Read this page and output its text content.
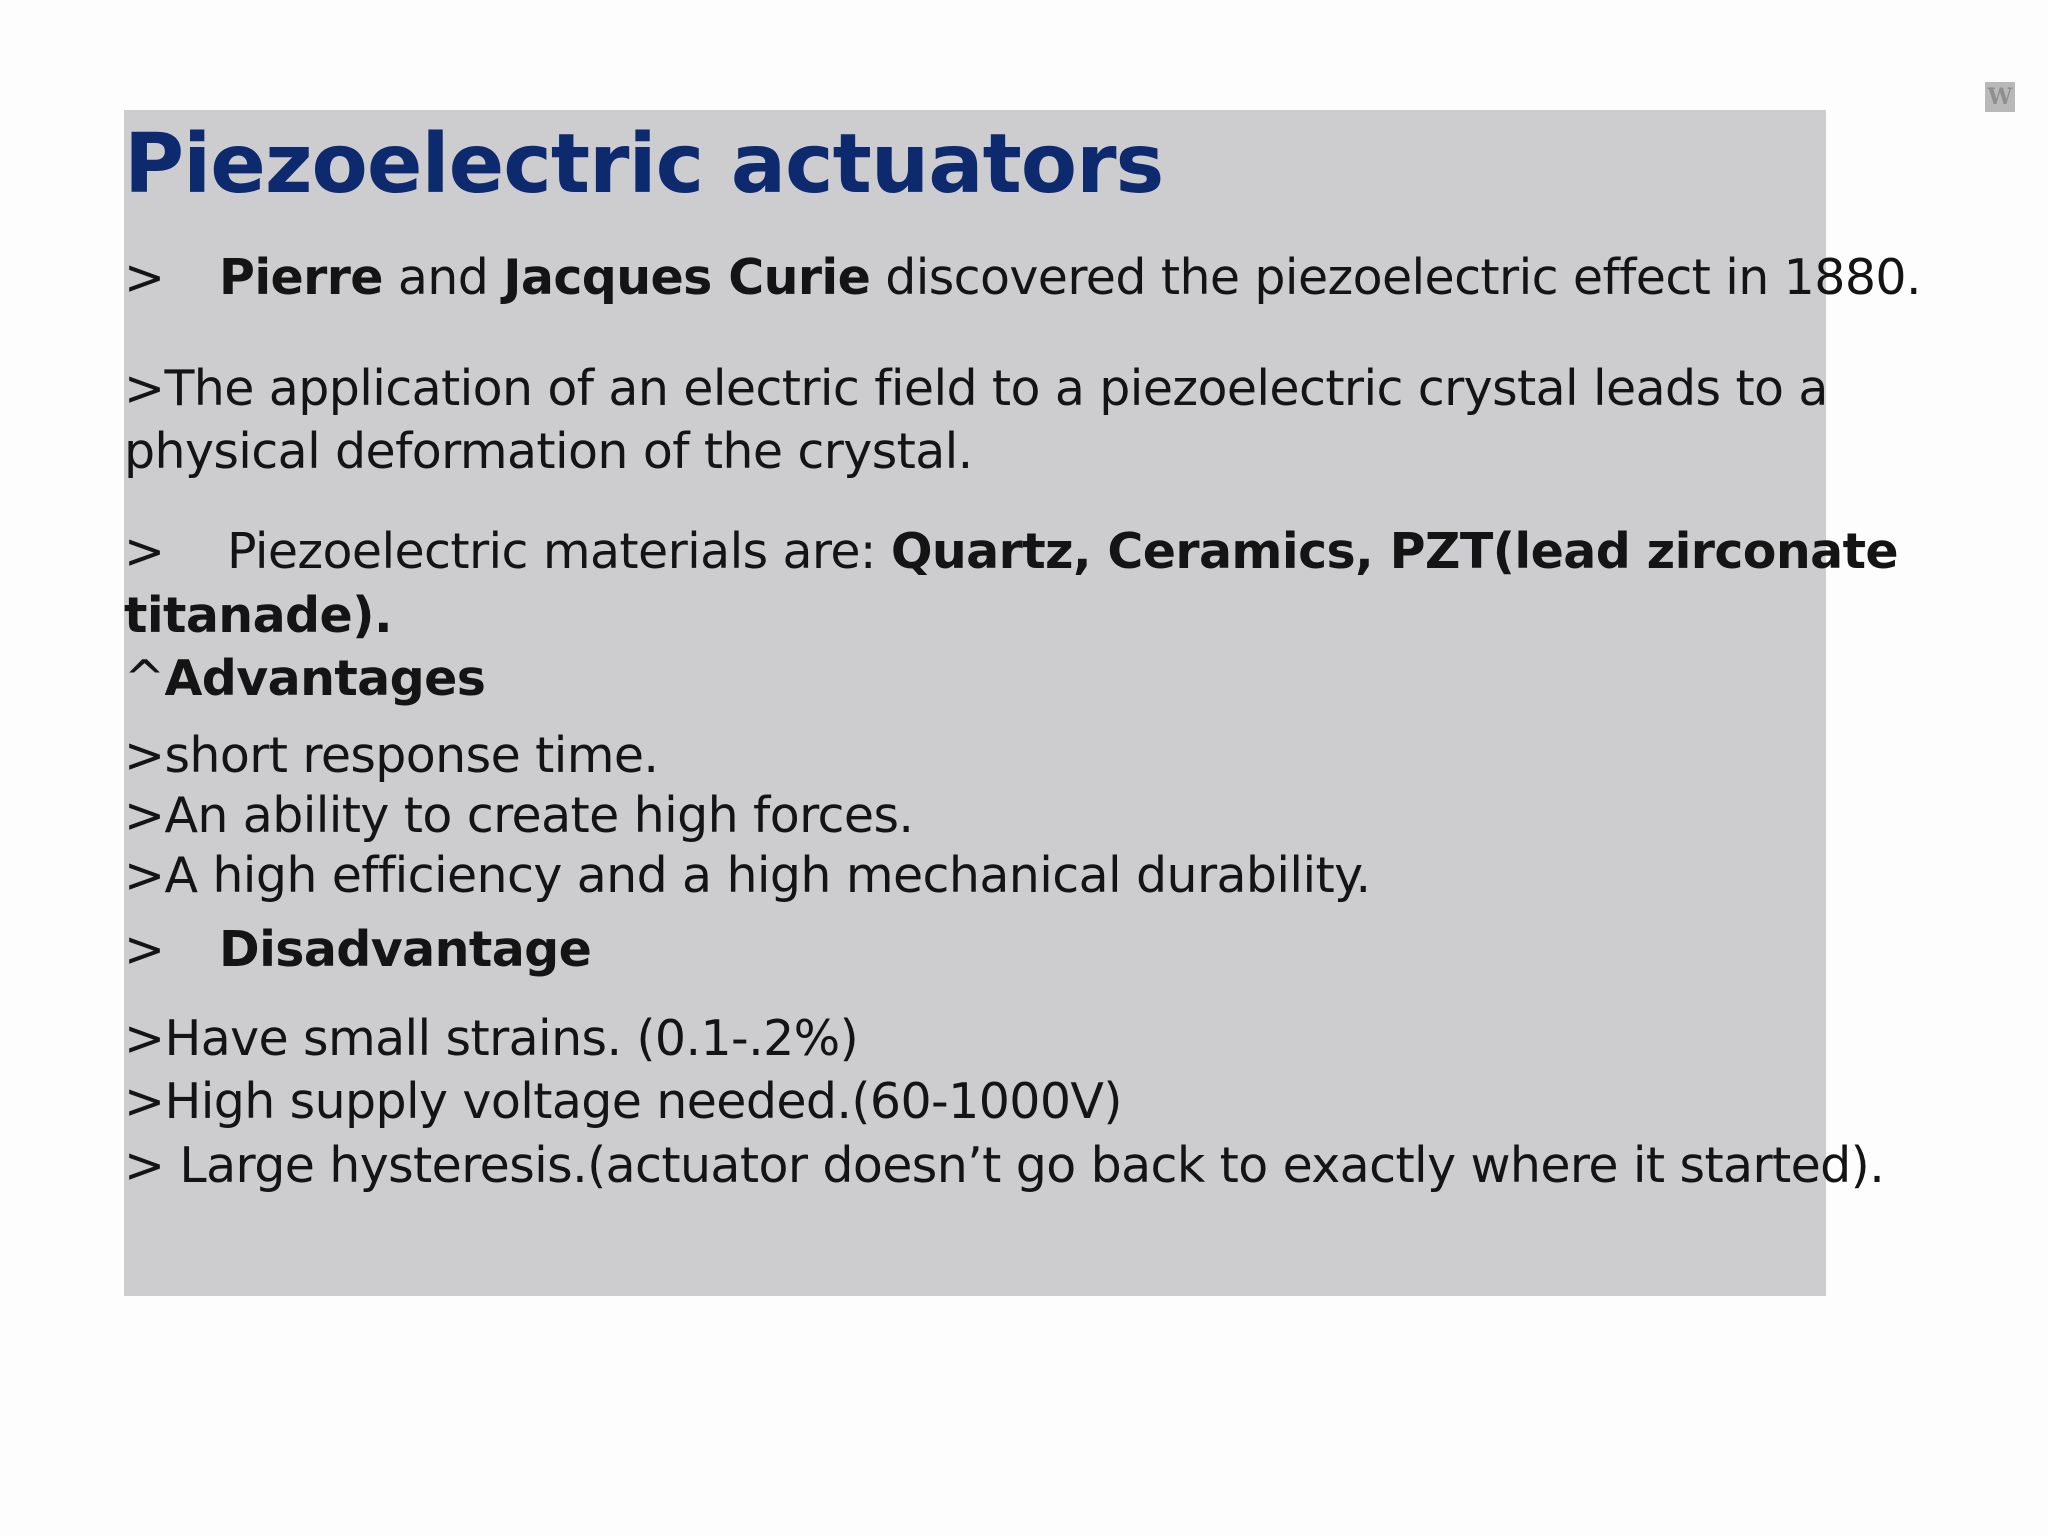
Piezoelectric actuators
> Pierre and Jacques Curie discovered the piezoelectric effect in 1880.
>The application of an electric field to a piezoelectric crystal leads to a
physical deformation of the crystal.
> Piezoelectric materials are: Quartz, Ceramics, PZT(lead zirconate
titanade).
^Advantages
>short response time.
>An ability to create high forces.
>A high efficiency and a high mechanical durability.
> Disadvantage
>Have small strains. (0.1-.2%)
>High supply voltage needed.(60-1000V)
> Large hysteresis.(actuator doesn’t go back to exactly where it started).
W
